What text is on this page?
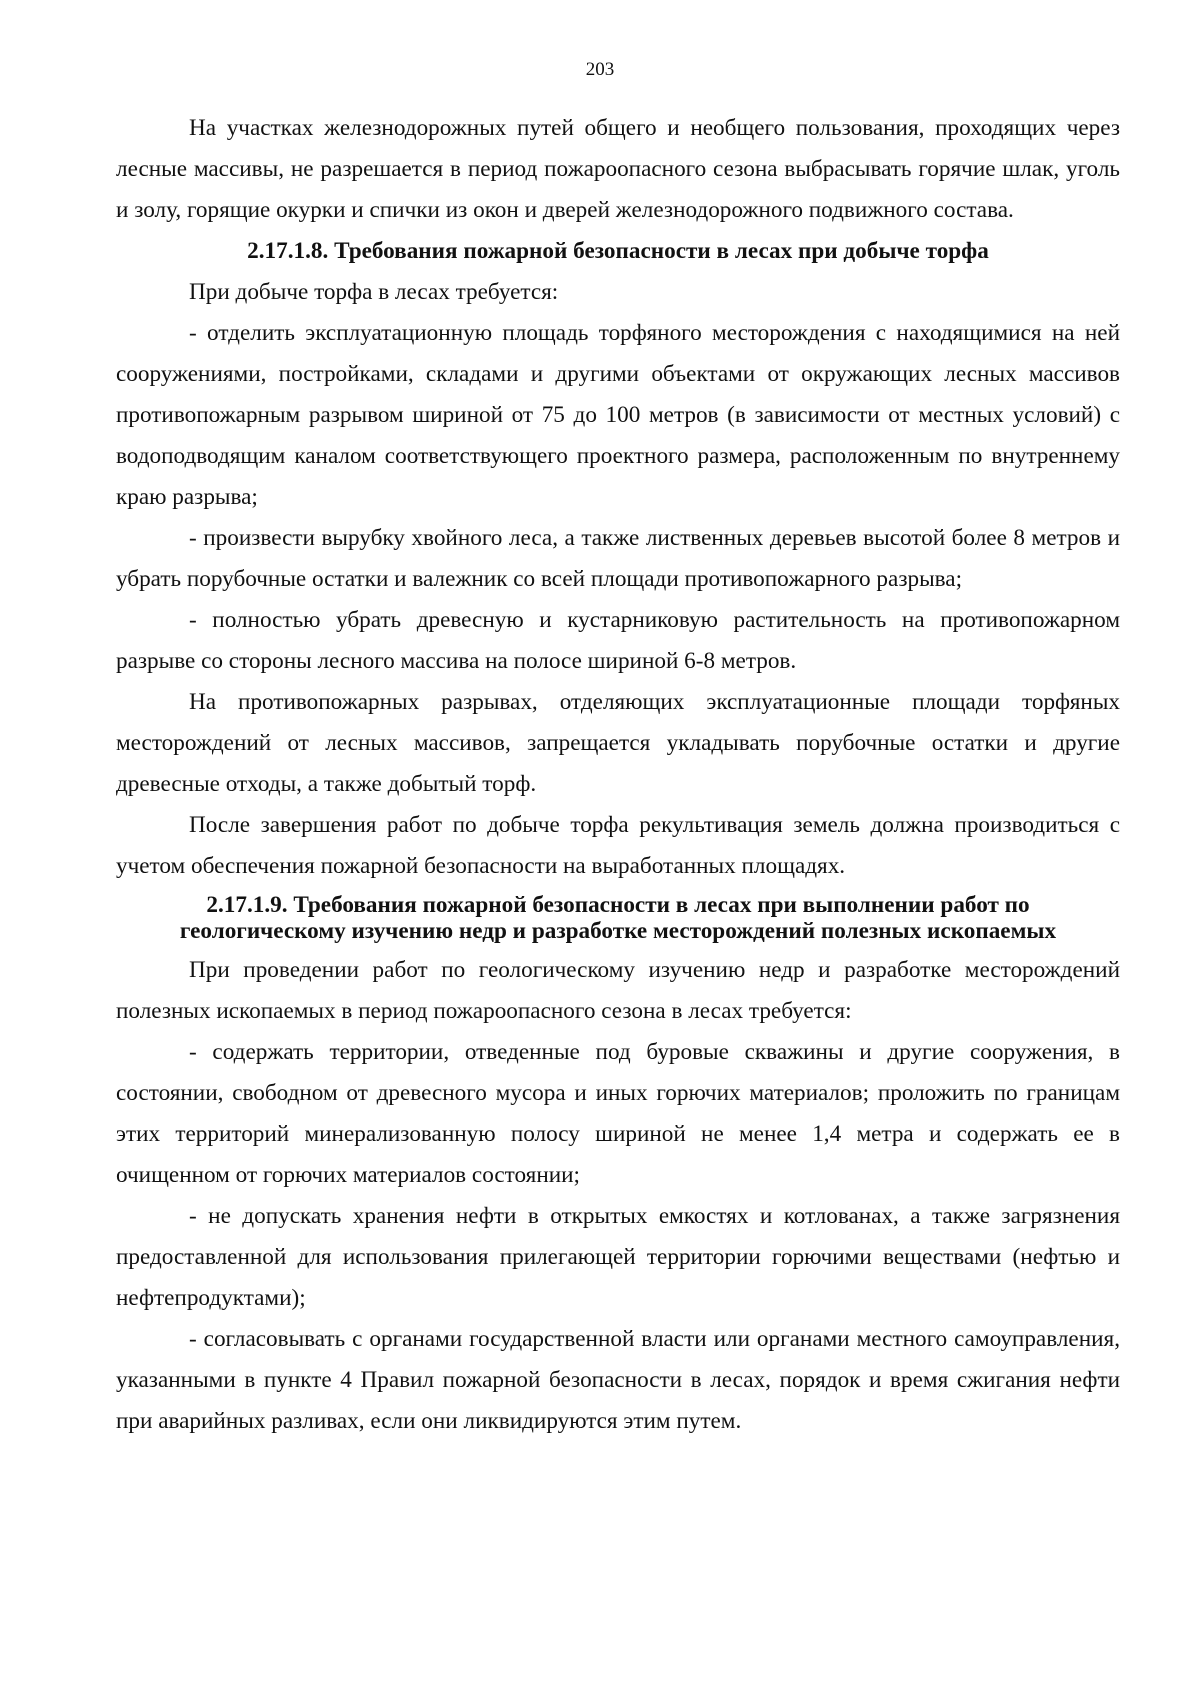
203

На участках железнодорожных путей общего и необщего пользования, проходящих через лесные массивы, не разрешается в период пожароопасного сезона выбрасывать горячие шлак, уголь и золу, горящие окурки и спички из окон и дверей железнодорожного подвижного состава.

2.17.1.8. Требования пожарной безопасности в лесах при добыче торфа

При добыче торфа в лесах требуется:

- отделить эксплуатационную площадь торфяного месторождения с находящимися на ней сооружениями, постройками, складами и другими объектами от окружающих лесных массивов противопожарным разрывом шириной от 75 до 100 метров (в зависимости от местных условий) с водоподводящим каналом соответствующего проектного размера, расположенным по внутреннему краю разрыва;

- произвести вырубку хвойного леса, а также лиственных деревьев высотой более 8 метров и убрать порубочные остатки и валежник со всей площади противопожарного разрыва;

- полностью убрать древесную и кустарниковую растительность на противопожарном разрыве со стороны лесного массива на полосе шириной 6-8 метров.

На противопожарных разрывах, отделяющих эксплуатационные площади торфяных месторождений от лесных массивов, запрещается укладывать порубочные остатки и другие древесные отходы, а также добытый торф.

После завершения работ по добыче торфа рекультивация земель должна производиться с учетом обеспечения пожарной безопасности на выработанных площадях.

2.17.1.9. Требования пожарной безопасности в лесах при выполнении работ по геологическому изучению недр и разработке месторождений полезных ископаемых

При проведении работ по геологическому изучению недр и разработке месторождений полезных ископаемых в период пожароопасного сезона в лесах требуется:

- содержать территории, отведенные под буровые скважины и другие сооружения, в состоянии, свободном от древесного мусора и иных горючих материалов; проложить по границам этих территорий минерализованную полосу шириной не менее 1,4 метра и содержать ее в очищенном от горючих материалов состоянии;

- не допускать хранения нефти в открытых емкостях и котлованах, а также загрязнения предоставленной для использования прилегающей территории горючими веществами (нефтью и нефтепродуктами);

- согласовывать с органами государственной власти или органами местного самоуправления, указанными в пункте 4 Правил пожарной безопасности в лесах, порядок и время сжигания нефти при аварийных разливах, если они ликвидируются этим путем.
